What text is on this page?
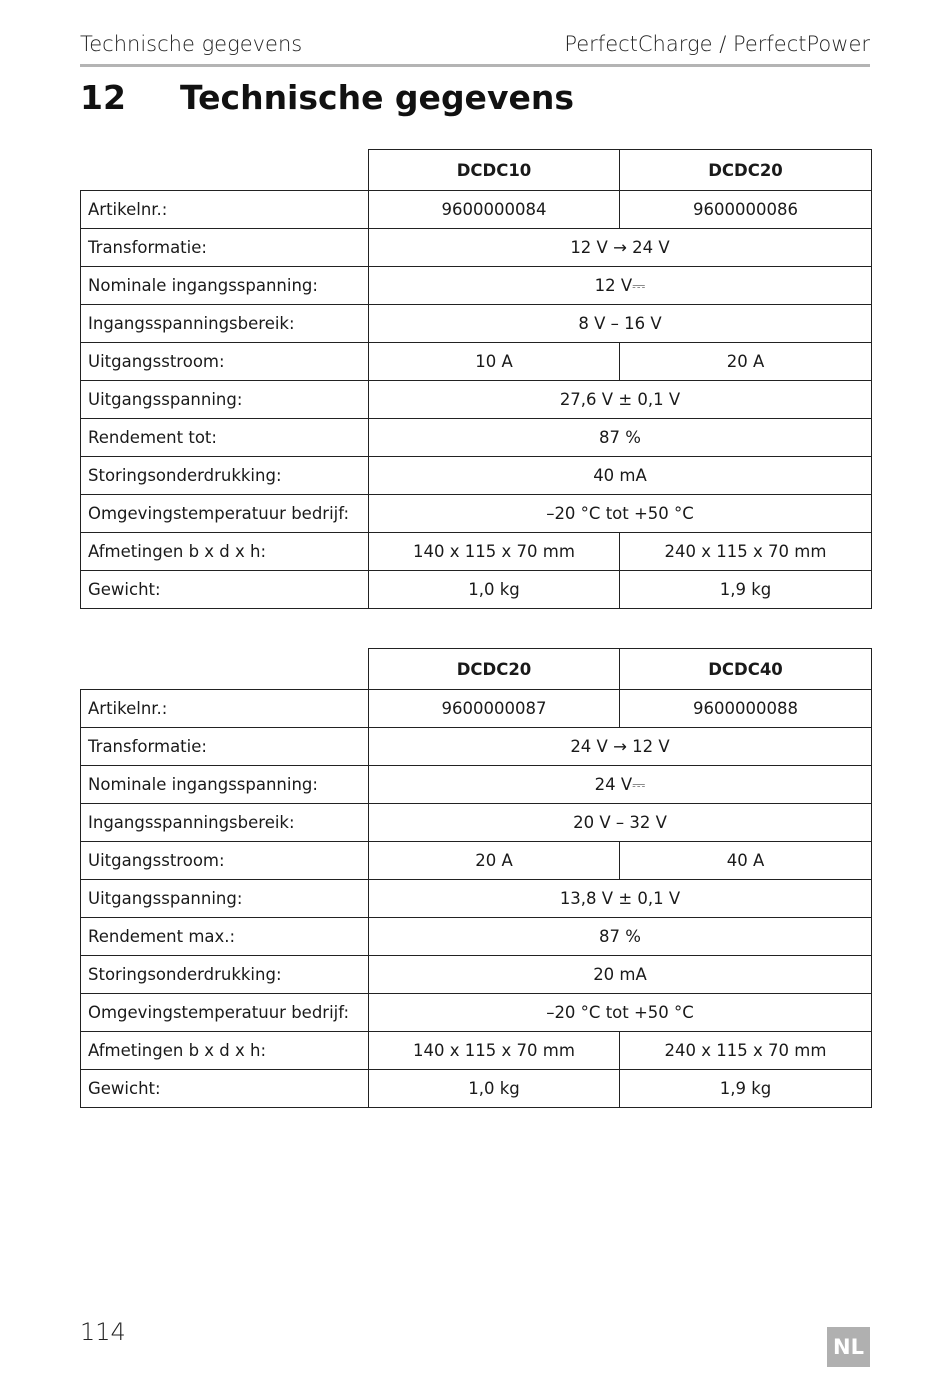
Technische gegevens	PerfectCharge / PerfectPower
12 Technische gegevens
	DCDC10	DCDC20
Artikelnr.:	9600000084	9600000086
Transformatie:	12 V → 24 V	
Nominale ingangsspanning:	12 V⎓	
Ingangsspanningsbereik:	8 V – 16 V	
Uitgangsstroom:	10 A	20 A
Uitgangsspanning:	27,6 V ± 0,1 V	
Rendement tot:	87 %	
Storingsonderdrukking:	40 mA	
Omgevingstemperatuur bedrijf:	–20 °C tot +50 °C	
Afmetingen b x d x h:	140 x 115 x 70 mm	240 x 115 x 70 mm
Gewicht:	1,0 kg	1,9 kg
	DCDC20	DCDC40
Artikelnr.:	9600000087	9600000088
Transformatie:	24 V → 12 V	
Nominale ingangsspanning:	24 V⎓	
Ingangsspanningsbereik:	20 V – 32 V	
Uitgangsstroom:	20 A	40 A
Uitgangsspanning:	13,8 V ± 0,1 V	
Rendement max.:	87 %	
Storingsonderdrukking:	20 mA	
Omgevingstemperatuur bedrijf:	–20 °C tot +50 °C	
Afmetingen b x d x h:	140 x 115 x 70 mm	240 x 115 x 70 mm
Gewicht:	1,0 kg	1,9 kg
114
NL
